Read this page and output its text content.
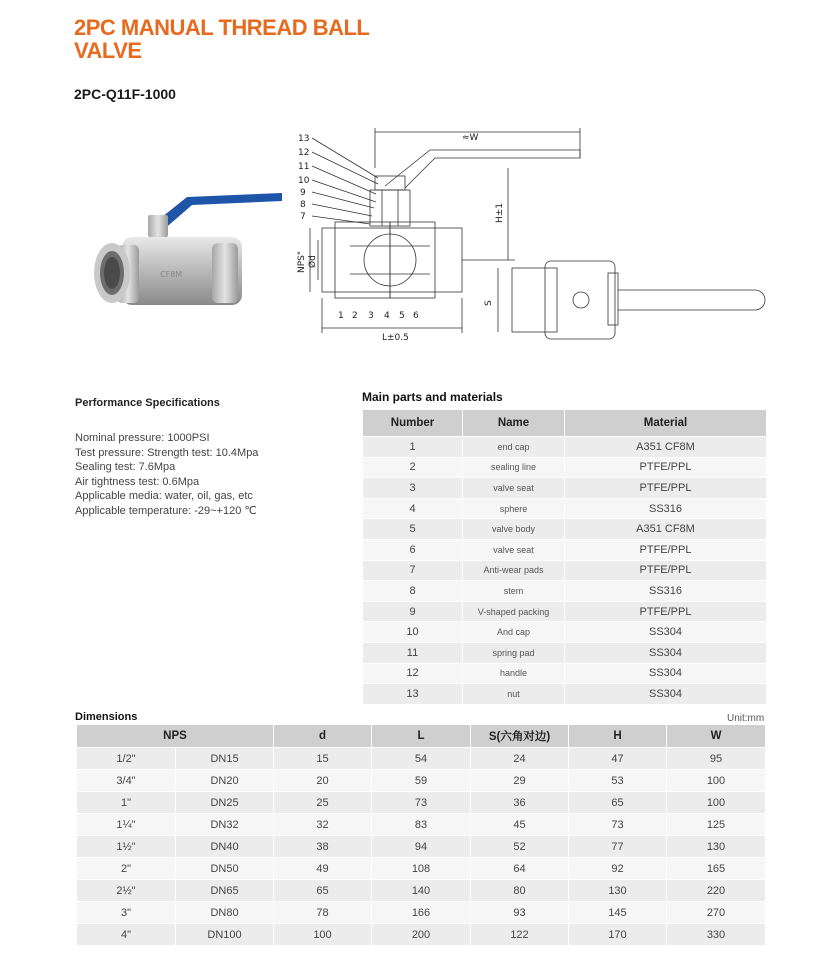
2PC MANUAL THREAD BALL VALVE
2PC-Q11F-1000
CF8M
≈W
H±1
NPS" Ød
L±0.5
S
13
12
11
10
9
8
7
1 2 3 4 5 6
Performance Specifications
Nominal pressure: 1000PSI
Test pressure: Strength test: 10.4Mpa
Sealing test: 7.6Mpa
Air tightness test: 0.6Mpa
Applicable media: water, oil, gas, etc
Applicable temperature: -29~+120 ℃
Main parts and materials
Number	Name	Material
1	end cap	A351 CF8M
2	sealing line	PTFE/PPL
3	valve seat	PTFE/PPL
4	sphere	SS316
5	valve body	A351 CF8M
6	valve seat	PTFE/PPL
7	Anti-wear pads	PTFE/PPL
8	stem	SS316
9	V-shaped packing	PTFE/PPL
10	And cap	SS304
11	spring pad	SS304
12	handle	SS304
13	nut	SS304
Dimensions	Unit:mm
NPS		d	L	S(六角对边)	H	W
1/2"	DN15	15	54	24	47	95
3/4"	DN20	20	59	29	53	100
1"	DN25	25	73	36	65	100
1¼"	DN32	32	83	45	73	125
1½"	DN40	38	94	52	77	130
2"	DN50	49	108	64	92	165
2½"	DN65	65	140	80	130	220
3"	DN80	78	166	93	145	270
4"	DN100	100	200	122	170	330
